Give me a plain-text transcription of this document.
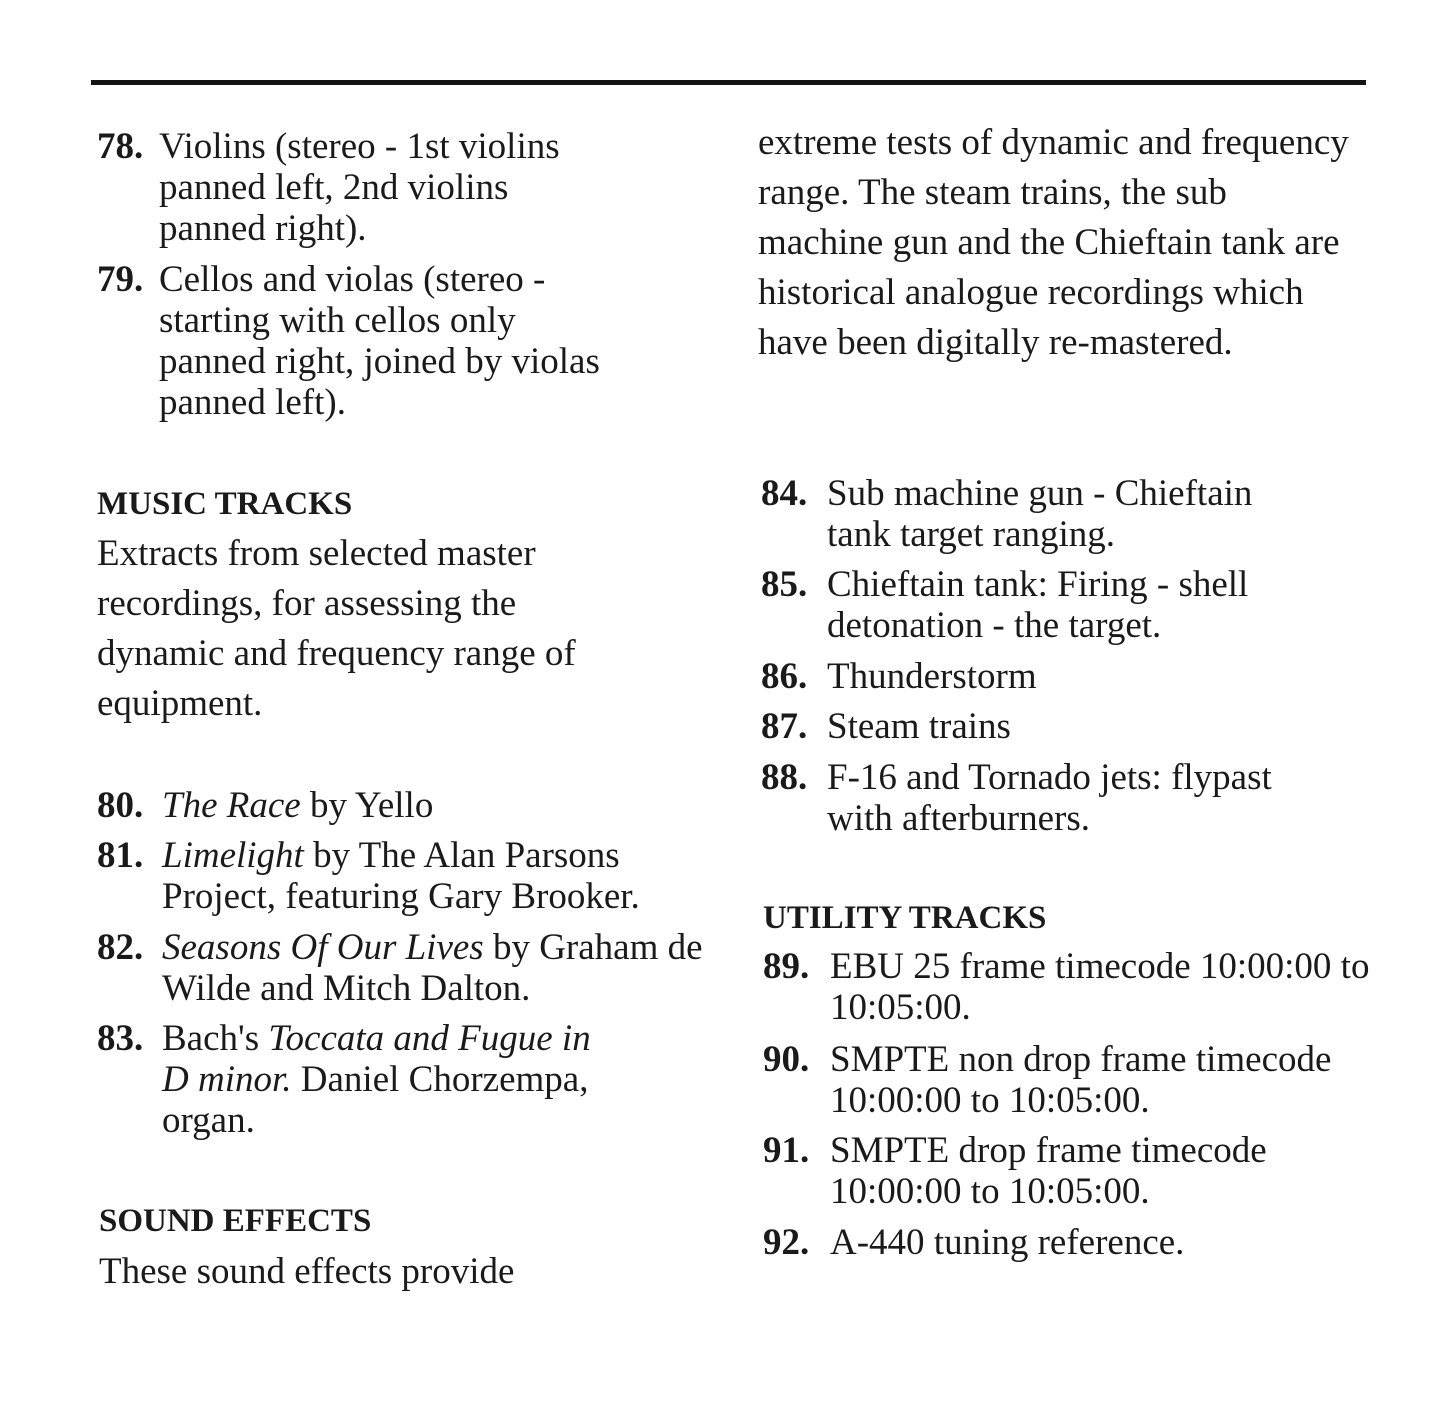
78. Violins (stereo - 1st violins panned left, 2nd violins panned right).
79. Cellos and violas (stereo - starting with cellos only panned right, joined by violas panned left).
MUSIC TRACKS
Extracts from selected master recordings, for assessing the dynamic and frequency range of equipment.
80. The Race by Yello
81. Limelight by The Alan Parsons Project, featuring Gary Brooker.
82. Seasons Of Our Lives by Graham de Wilde and Mitch Dalton.
83. Bach's Toccata and Fugue in D minor. Daniel Chorzempa, organ.
SOUND EFFECTS
These sound effects provide
extreme tests of dynamic and frequency range. The steam trains, the sub machine gun and the Chieftain tank are historical analogue recordings which have been digitally re-mastered.
84. Sub machine gun - Chieftain tank target ranging.
85. Chieftain tank: Firing - shell detonation - the target.
86. Thunderstorm
87. Steam trains
88. F-16 and Tornado jets: flypast with afterburners.
UTILITY TRACKS
89. EBU 25 frame timecode 10:00:00 to 10:05:00.
90. SMPTE non drop frame timecode 10:00:00 to 10:05:00.
91. SMPTE drop frame timecode 10:00:00 to 10:05:00.
92. A-440 tuning reference.
